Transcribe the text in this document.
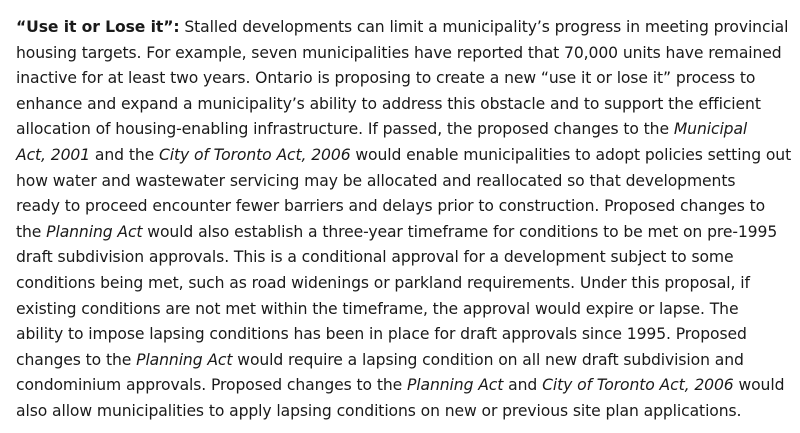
“Use it or Lose it”: Stalled developments can limit a municipality’s progress in meeting provincial
housing targets. For example, seven municipalities have reported that 70,000 units have remained
inactive for at least two years. Ontario is proposing to create a new “use it or lose it” process to
enhance and expand a municipality’s ability to address this obstacle and to support the efficient
allocation of housing-enabling infrastructure. If passed, the proposed changes to the Municipal
Act, 2001 and the City of Toronto Act, 2006 would enable municipalities to adopt policies setting out
how water and wastewater servicing may be allocated and reallocated so that developments
ready to proceed encounter fewer barriers and delays prior to construction. Proposed changes to
the Planning Act would also establish a three-year timeframe for conditions to be met on pre-1995
draft subdivision approvals. This is a conditional approval for a development subject to some
conditions being met, such as road widenings or parkland requirements. Under this proposal, if
existing conditions are not met within the timeframe, the approval would expire or lapse. The
ability to impose lapsing conditions has been in place for draft approvals since 1995. Proposed
changes to the Planning Act would require a lapsing condition on all new draft subdivision and
condominium approvals. Proposed changes to the Planning Act and City of Toronto Act, 2006 would
also allow municipalities to apply lapsing conditions on new or previous site plan applications.
